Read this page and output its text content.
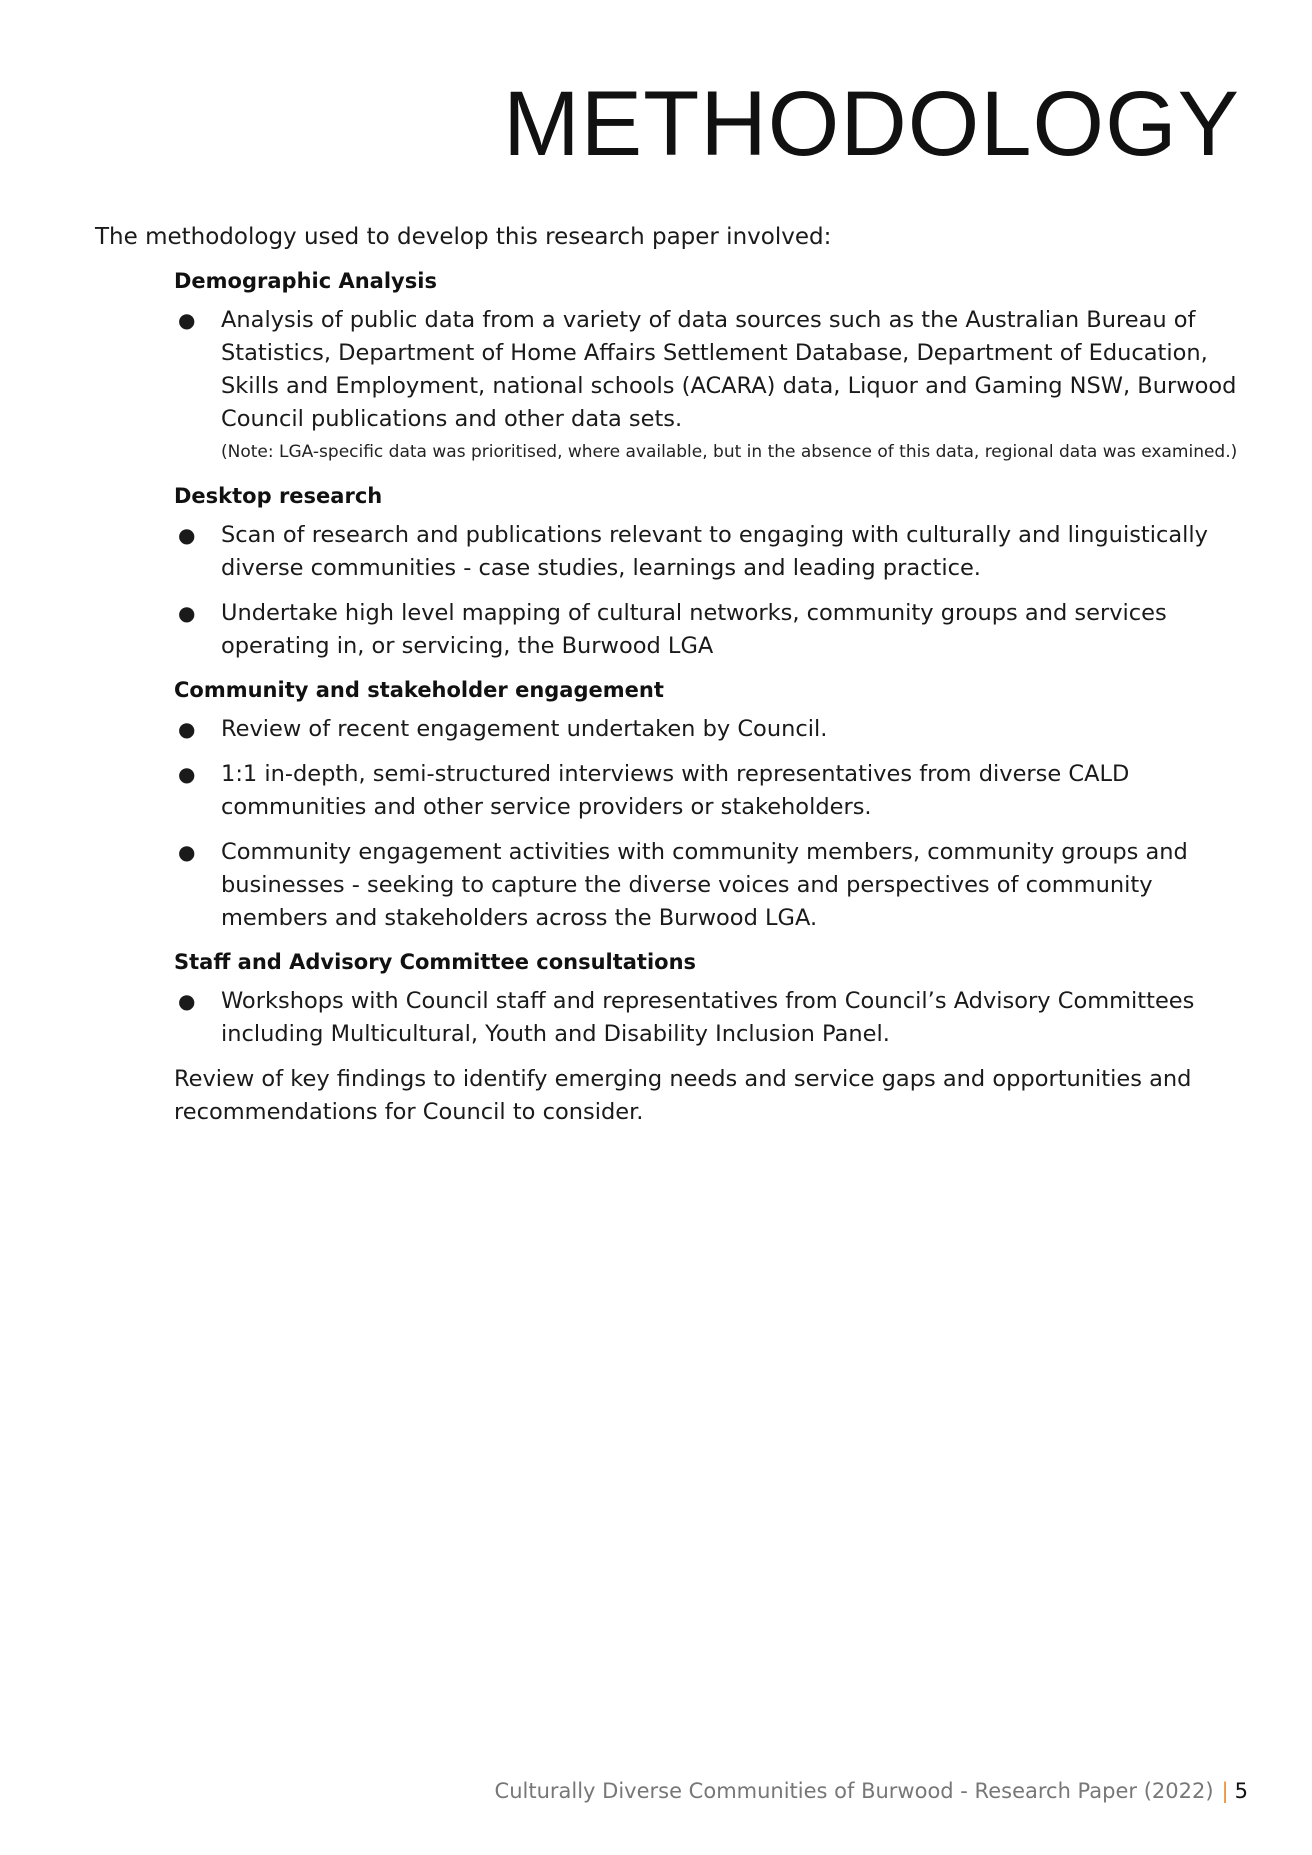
METHODOLOGY

The methodology used to develop this research paper involved:

Demographic Analysis
● Analysis of public data from a variety of data sources such as the Australian Bureau of Statistics, Department of Home Affairs Settlement Database, Department of Education, Skills and Employment, national schools (ACARA) data, Liquor and Gaming NSW, Burwood Council publications and other data sets.
(Note: LGA-specific data was prioritised, where available, but in the absence of this data, regional data was examined.)
Desktop research
● Scan of research and publications relevant to engaging with culturally and linguistically diverse communities - case studies, learnings and leading practice.
● Undertake high level mapping of cultural networks, community groups and services operating in, or servicing, the Burwood LGA
Community and stakeholder engagement
● Review of recent engagement undertaken by Council.
● 1:1 in-depth, semi-structured interviews with representatives from diverse CALD communities and other service providers or stakeholders.
● Community engagement activities with community members, community groups and businesses - seeking to capture the diverse voices and perspectives of community members and stakeholders across the Burwood LGA.
Staff and Advisory Committee consultations
● Workshops with Council staff and representatives from Council’s Advisory Committees including Multicultural, Youth and Disability Inclusion Panel.

Review of key findings to identify emerging needs and service gaps and opportunities and recommendations for Council to consider.

Culturally Diverse Communities of Burwood - Research Paper (2022) | 5
